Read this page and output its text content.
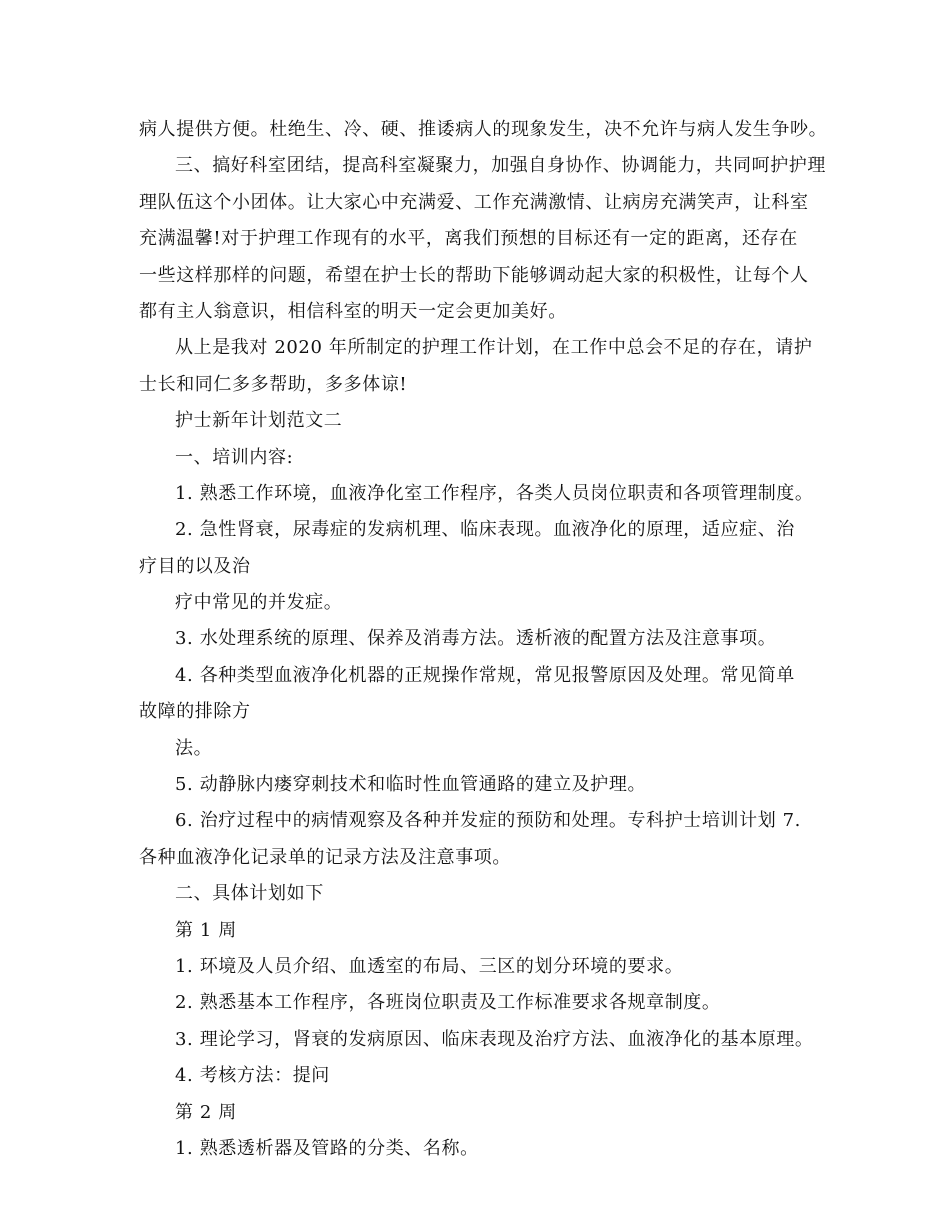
病人提供方便。杜绝生、冷、硬、推诿病人的现象发生，决不允许与病人发生争吵。
三、搞好科室团结，提高科室凝聚力，加强自身协作、协调能力，共同呵护护理
理队伍这个小团体。让大家心中充满爱、工作充满激情、让病房充满笑声，让科室
充满温馨!对于护理工作现有的水平，离我们预想的目标还有一定的距离，还存在
一些这样那样的问题，希望在护士长的帮助下能够调动起大家的积极性，让每个人
都有主人翁意识，相信科室的明天一定会更加美好。
从上是我对 2020 年所制定的护理工作计划，在工作中总会不足的存在，请护
士长和同仁多多帮助，多多体谅!
护士新年计划范文二
一、培训内容:
1. 熟悉工作环境，血液净化室工作程序，各类人员岗位职责和各项管理制度。
2. 急性肾衰，尿毒症的发病机理、临床表现。血液净化的原理，适应症、治
疗目的以及治
疗中常见的并发症。
3. 水处理系统的原理、保养及消毒方法。透析液的配置方法及注意事项。
4. 各种类型血液净化机器的正规操作常规，常见报警原因及处理。常见简单
故障的排除方
法。
5. 动静脉内瘘穿刺技术和临时性血管通路的建立及护理。
6. 治疗过程中的病情观察及各种并发症的预防和处理。专科护士培训计划 7.
各种血液净化记录单的记录方法及注意事项。
二、具体计划如下
第 1 周
1. 环境及人员介绍、血透室的布局、三区的划分环境的要求。
2. 熟悉基本工作程序，各班岗位职责及工作标准要求各规章制度。
3. 理论学习，肾衰的发病原因、临床表现及治疗方法、血液净化的基本原理。
4. 考核方法：提问
第 2 周
1. 熟悉透析器及管路的分类、名称。
